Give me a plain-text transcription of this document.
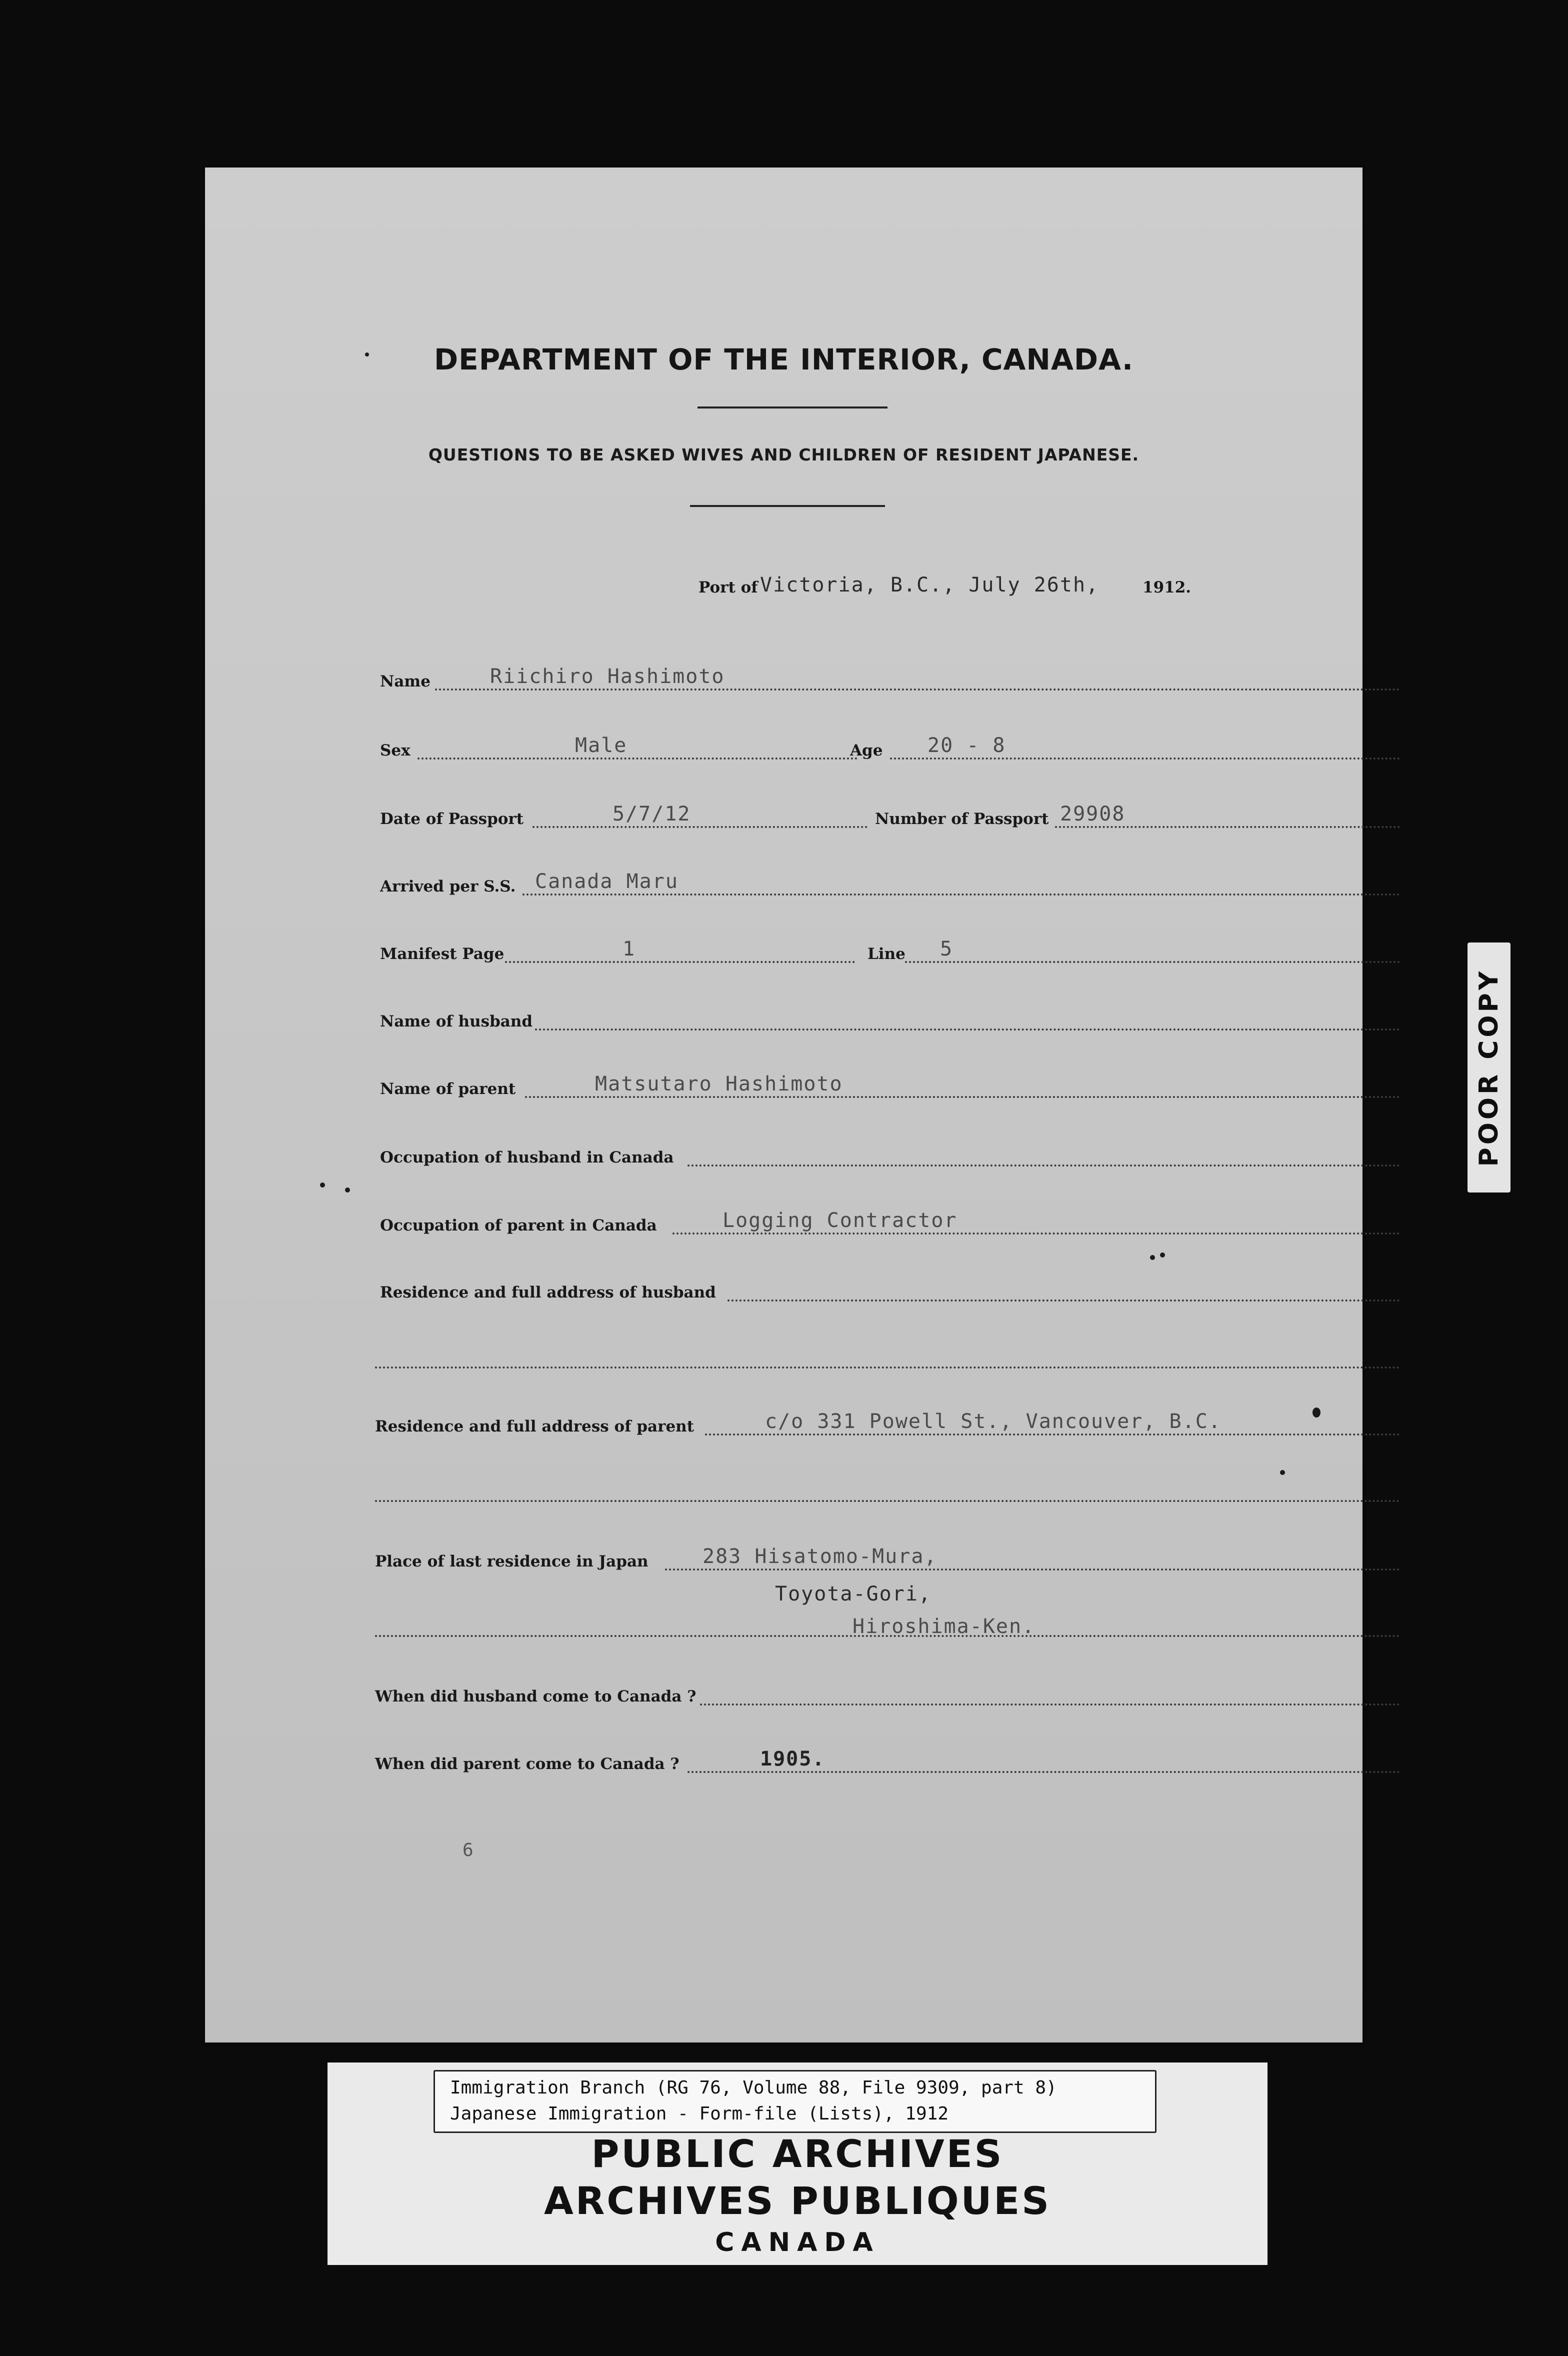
DEPARTMENT OF THE INTERIOR, CANADA.
QUESTIONS TO BE ASKED WIVES AND CHILDREN OF RESIDENT JAPANESE.
Port of Victoria, B.C., July 26th,	1912.
Name	Riichiro Hashimoto
Sex	Male	Age 20 - 8
Date of Passport	5/7/12	Number of Passport 29908
Arrived per S.S. Canada Maru
Manifest Page	1	Line 5
Name of husband
Name of parent	Matsutaro Hashimoto
Occupation of husband in Canada
Occupation of parent in Canada	Logging Contractor
Residence and full address of husband
Residence and full address of parent	c/o 331 Powell St., Vancouver, B.C.
Place of last residence in Japan	283 Hisatomo-Mura,
Toyota-Gori,
Hiroshima-Ken.
When did husband come to Canada ?
When did parent come to Canada ?	1905.
6
POOR COPY
Immigration Branch (RG 76, Volume 88, File 9309, part 8)
Japanese Immigration - Form-file (Lists), 1912
PUBLIC ARCHIVES
ARCHIVES PUBLIQUES
CANADA
